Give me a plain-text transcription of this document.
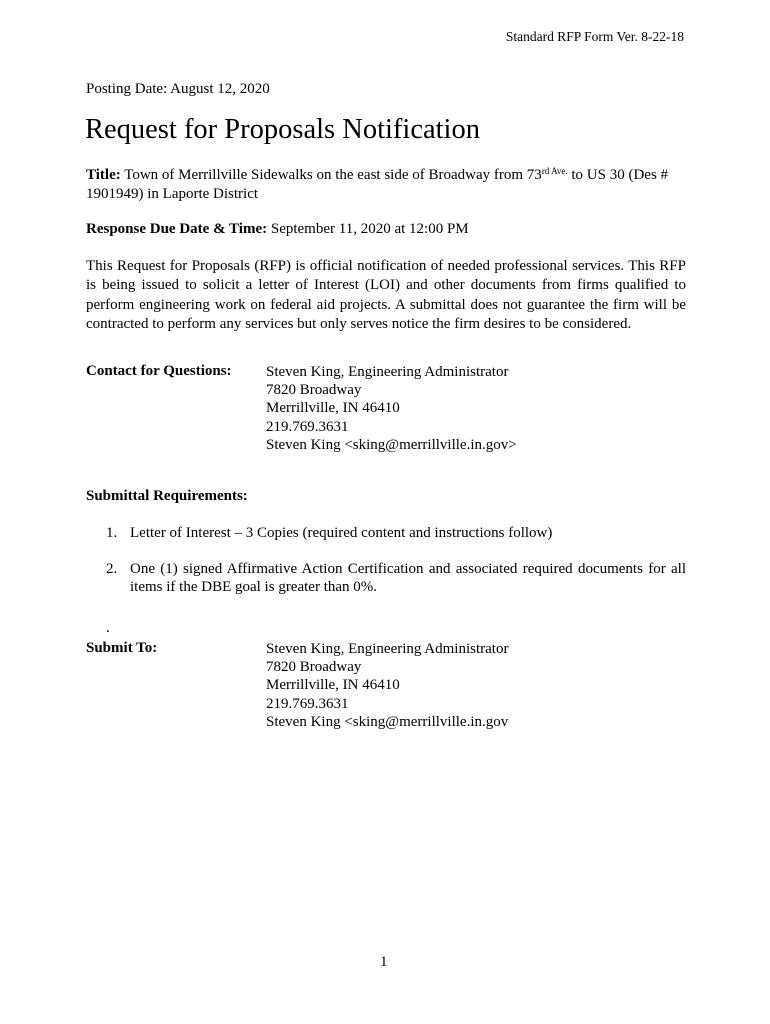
Standard RFP Form Ver. 8-22-18
Posting Date: August 12, 2020
Request for Proposals Notification
Title: Town of Merrillville Sidewalks on the east side of Broadway from $73^{rd Ave.}$ to US 30 (Des # 1901949) in Laporte District
Response Due Date & Time: September 11, 2020 at 12:00 PM

This Request for Proposals (RFP) is official notification of needed professional services. This RFP is being issued to solicit a letter of Interest (LOI) and other documents from firms qualified to perform engineering work on federal aid projects. A submittal does not guarantee the firm will be contracted to perform any services but only serves notice the firm desires to be considered.

Contact for Questions: Steven King, Engineering Administrator
7820 Broadway
Merrillville, IN 46410
219.769.3631
Steven King <sking@merrillville.in.gov>
Submittal Requirements:
1. Letter of Interest – 3 Copies (required content and instructions follow)
2. One (1) signed Affirmative Action Certification and associated required documents for all items if the DBE goal is greater than 0%.
.
Submit To:	Steven King, Engineering Administrator
7820 Broadway
Merrillville, IN 46410
219.769.3631
Steven King <sking@merrillville.in.gov
1
